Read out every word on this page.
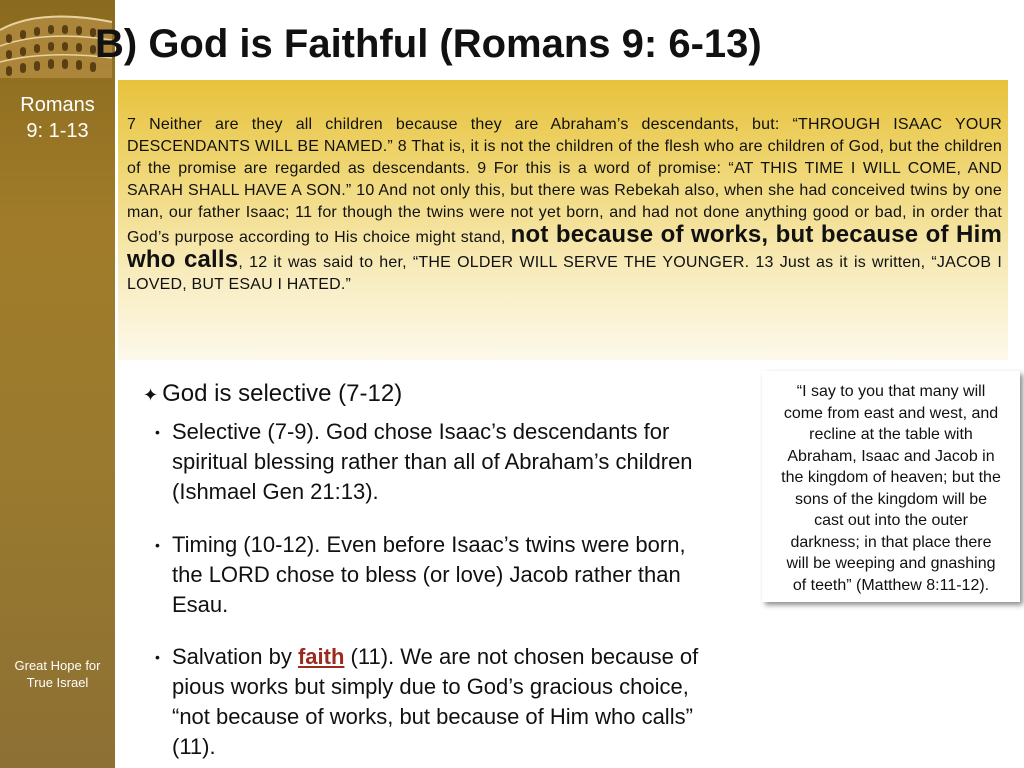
Romans
9: 1-13
Great Hope for
True Israel
B) God is Faithful (Romans 9: 6-13)
7 Neither are they all children because they are Abraham’s descendants, but: “THROUGH ISAAC YOUR DESCENDANTS WILL BE NAMED.” 8 That is, it is not the children of the flesh who are children of God, but the children of the promise are regarded as descendants. 9 For this is a word of promise: “AT THIS TIME I WILL COME, AND SARAH SHALL HAVE A SON.” 10 And not only this, but there was Rebekah also, when she had conceived twins by one man, our father Isaac; 11 for though the twins were not yet born, and had not done anything good or bad, in order that God’s purpose according to His choice might stand, not because of works, but because of Him who calls, 12 it was said to her, “THE OLDER WILL SERVE THE YOUNGER. 13 Just as it is written, “JACOB I LOVED, BUT ESAU I HATED.”
✦ God is selective (7-12)
• Selective (7-9). God chose Isaac’s descendants for
spiritual blessing rather than all of Abraham’s children
(Ishmael Gen 21:13).
• Timing (10-12). Even before Isaac’s twins were born,
the LORD chose to bless (or love) Jacob rather than
Esau.
• Salvation by faith (11). We are not chosen because of
pious works but simply due to God’s gracious choice,
“not because of works, but because of Him who calls”
(11).
“I say to you that many will
come from east and west, and
recline at the table with
Abraham, Isaac and Jacob in
the kingdom of heaven; but the
sons of the kingdom will be
cast out into the outer
darkness; in that place there
will be weeping and gnashing
of teeth” (Matthew 8:11-12).
